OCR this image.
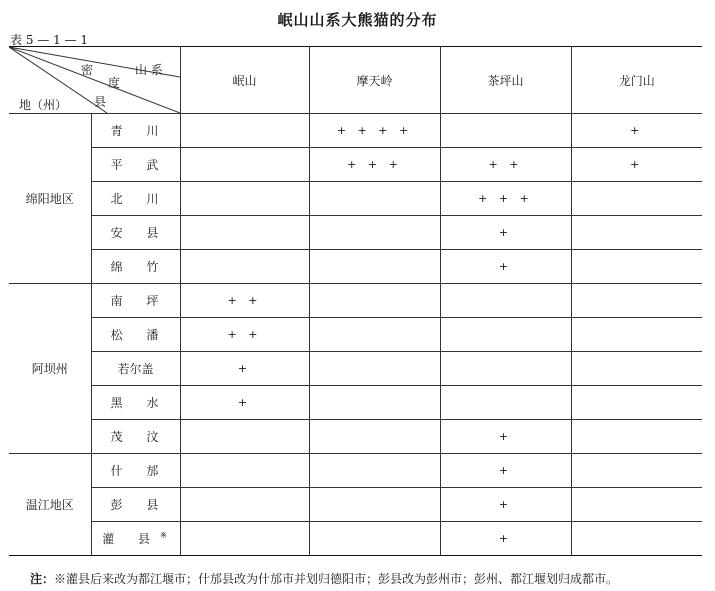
岷山山系大熊猫的分布
表 5 — 1 — 1
山 系
密
度
县
地（州）		岷山	摩天岭	茶坪山	龙门山
绵阳地区	青 川		+ + + +		+
	平 武		+ + +	+ +	+
	北 川			+ + +	
	安 县			+	
	绵 竹			+	
阿坝州	南 坪	+ +			
	松 潘	+ +			
	若尔盖	+			
	黑 水	+			
	茂 汶			+	
温江地区	什 邡			+	
	彭 县			+	
	灌 县※			+	
注：※灌县后来改为都江堰市；什邡县改为什邡市并划归德阳市；彭县改为彭州市；彭州、都江堰划归成都市。
